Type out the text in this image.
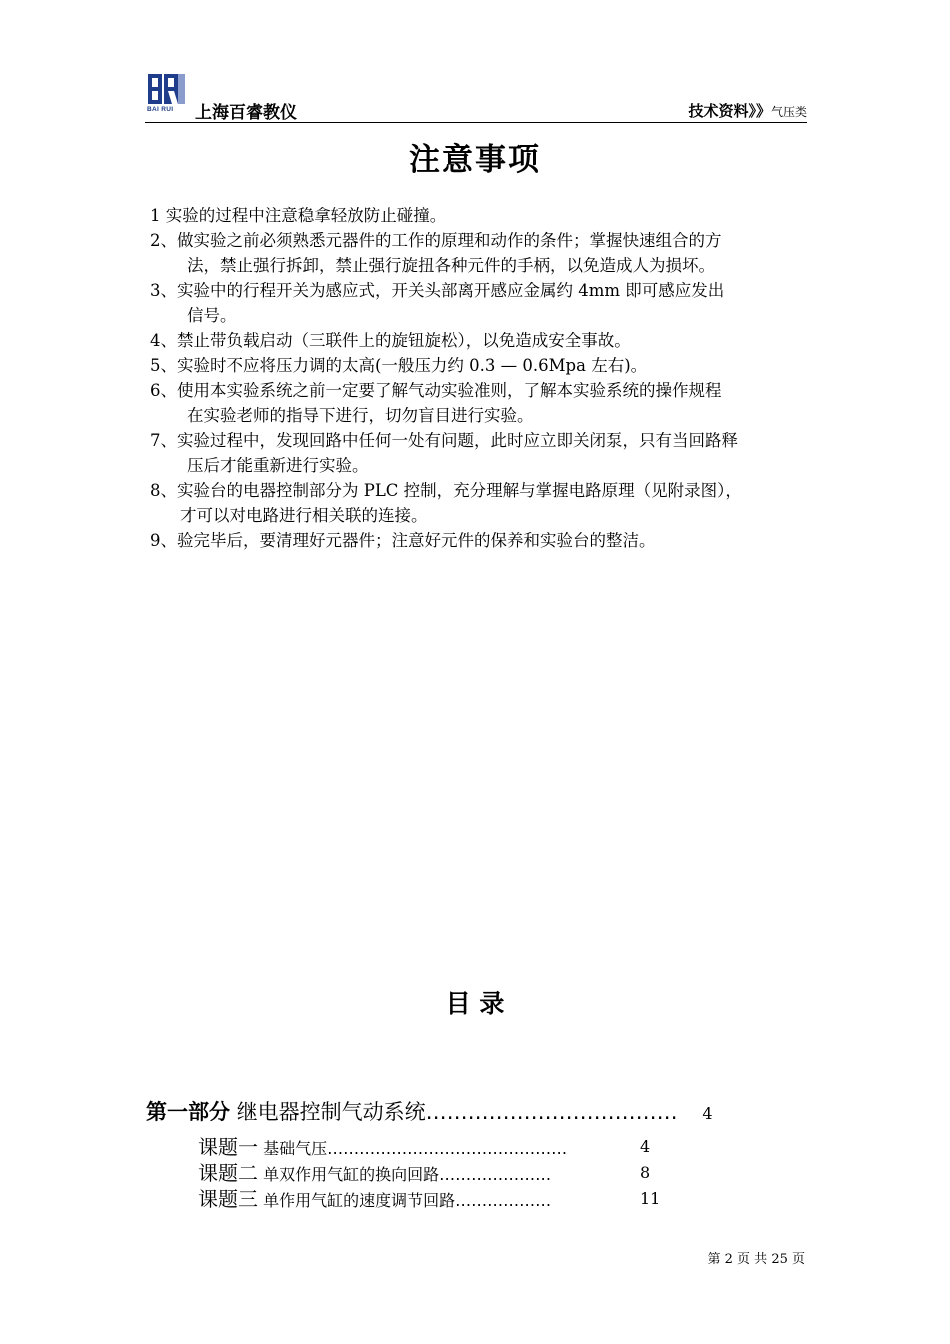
BAI RUI 上海百睿教仪	技术资料》》气压类
注意事项
1 实验的过程中注意稳拿轻放防止碰撞。
2、做实验之前必须熟悉元器件的工作的原理和动作的条件；掌握快速组合的方
法，禁止强行拆卸，禁止强行旋扭各种元件的手柄，以免造成人为损坏。
3、实验中的行程开关为感应式，开关头部离开感应金属约 4mm 即可感应发出
信号。
4、禁止带负载启动（三联件上的旋钮旋松），以免造成安全事故。
5、实验时不应将压力调的太高(一般压力约 0.3 — 0.6Mpa 左右)。
6、使用本实验系统之前一定要了解气动实验准则，了解本实验系统的操作规程
在实验老师的指导下进行，切勿盲目进行实验。
7、实验过程中，发现回路中任何一处有问题，此时应立即关闭泵，只有当回路释
压后才能重新进行实验。
8、实验台的电器控制部分为 PLC 控制，充分理解与掌握电路原理（见附录图），
才可以对电路进行相关联的连接。
9、验完毕后，要清理好元器件；注意好元件的保养和实验台的整洁。
目 录
第一部分 继电器控制气动系统……………………………… 4
课题一 基础气压………………………………………	4
课题二 单双作用气缸的换向回路…………………	8
课题三 单作用气缸的速度调节回路………………	11
第 2 页 共 25 页
